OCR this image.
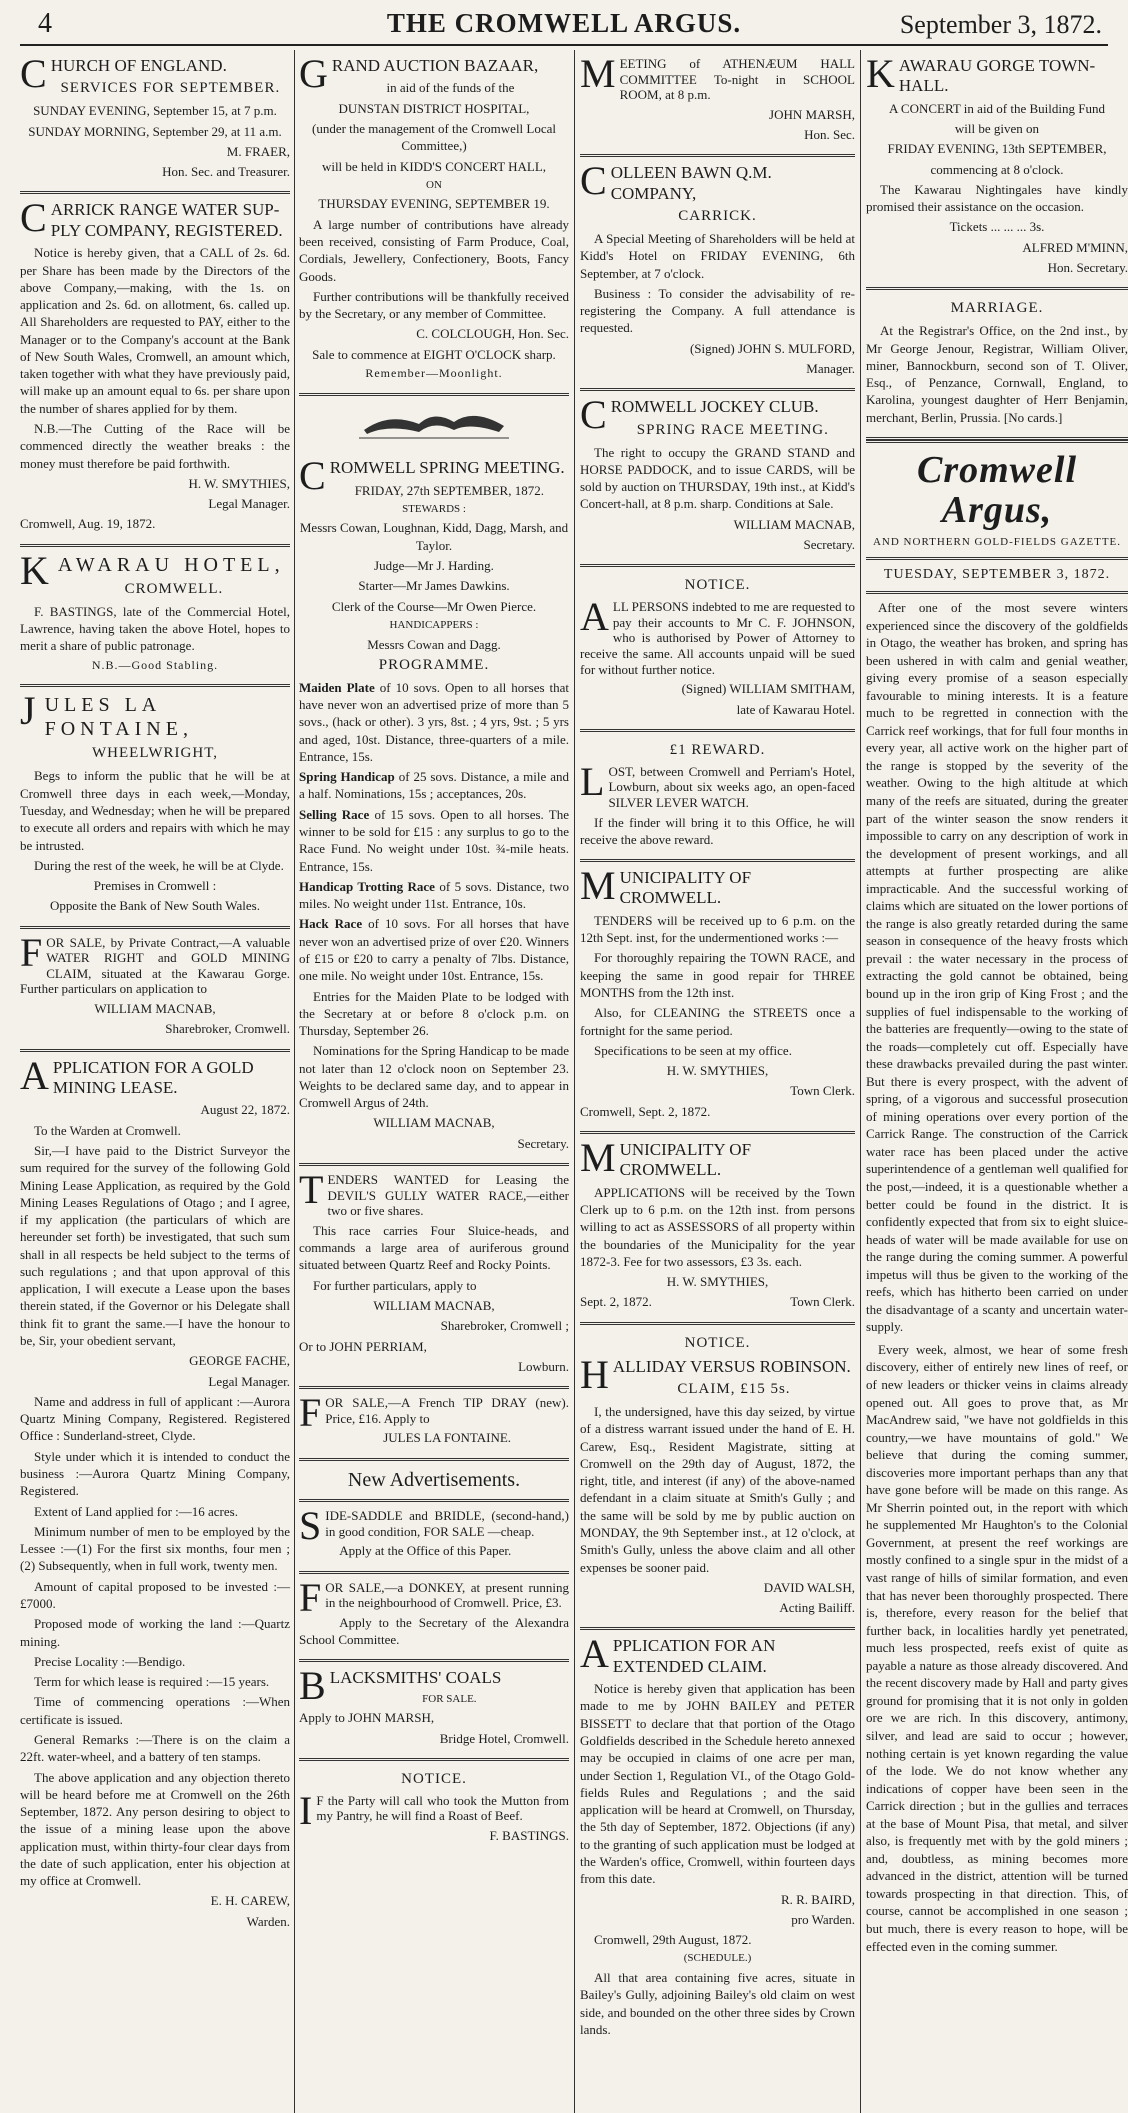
4	THE CROMWELL ARGUS.	September 3, 1872.
CHURCH OF ENGLAND.
SERVICES FOR SEPTEMBER.

SUNDAY EVENING, September 15, at 7 p.m.

SUNDAY MORNING, September 29, at 11 a.m.

M. FRAER,

Hon. Sec. and Treasurer.

CARRICK RANGE WATER SUP- PLY COMPANY, REGISTERED.

Notice is hereby given, that a CALL of 2s. 6d. per Share has been made by the Directors of the above Company,—making, with the 1s. on application and 2s. 6d. on allotment, 6s. called up. All Shareholders are requested to PAY, either to the Manager or to the Company's account at the Bank of New South Wales, Cromwell, an amount which, taken together with what they have previously paid, will make up an amount equal to 6s. per share upon the number of shares applied for by them.

N.B.—The Cutting of the Race will be commenced directly the weather breaks : the money must therefore be paid forthwith.

H. W. SMYTHIES,

Legal Manager.

Cromwell, Aug. 19, 1872.

KAWARAU HOTEL,
CROMWELL.

F. BASTINGS, late of the Commercial Hotel, Lawrence, having taken the above Hotel, hopes to merit a share of public patronage.

N.B.—Good Stabling.

JULES LA FONTAINE,
WHEELWRIGHT,

Begs to inform the public that he will be at Cromwell three days in each week,—Monday, Tuesday, and Wednesday; when he will be prepared to execute all orders and repairs with which he may be intrusted.

During the rest of the week, he will be at Clyde.

Premises in Cromwell :

Opposite the Bank of New South Wales.

FOR SALE, by Private Contract,—A valuable WATER RIGHT and GOLD MINING CLAIM, situated at the Kawarau Gorge. Further particulars on application to

WILLIAM MACNAB,

Sharebroker, Cromwell.

APPLICATION FOR A GOLD MINING LEASE.

August 22, 1872.

To the Warden at Cromwell.

Sir,—I have paid to the District Surveyor the sum required for the survey of the following Gold Mining Lease Application, as required by the Gold Mining Leases Regulations of Otago ; and I agree, if my application (the particulars of which are hereunder set forth) be investigated, that such sum shall in all respects be held subject to the terms of such regulations ; and that upon approval of this application, I will execute a Lease upon the bases therein stated, if the Governor or his Delegate shall think fit to grant the same.—I have the honour to be, Sir, your obedient servant,

GEORGE FACHE,

Legal Manager.

Name and address in full of applicant :—Aurora Quartz Mining Company, Registered. Registered Office : Sunderland-street, Clyde.

Style under which it is intended to conduct the business :—Aurora Quartz Mining Company, Registered.

Extent of Land applied for :—16 acres.

Minimum number of men to be employed by the Lessee :—(1) For the first six months, four men ; (2) Subsequently, when in full work, twenty men.

Amount of capital proposed to be invested :—£7000.

Proposed mode of working the land :—Quartz mining.

Precise Locality :—Bendigo.

Term for which lease is required :—15 years.

Time of commencing operations :—When certificate is issued.

General Remarks :—There is on the claim a 22ft. water-wheel, and a battery of ten stamps.

The above application and any objection thereto will be heard before me at Cromwell on the 26th September, 1872. Any person desiring to object to the issue of a mining lease upon the above application must, within thirty-four clear days from the date of such application, enter his objection at my office at Cromwell.

E. H. CAREW,

Warden.

GRAND AUCTION BAZAAR,

in aid of the funds of the

DUNSTAN DISTRICT HOSPITAL,

(under the management of the Cromwell Local Committee,)

will be held in KIDD'S CONCERT HALL,

ON

THURSDAY EVENING, SEPTEMBER 19.

A large number of contributions have already been received, consisting of Farm Produce, Coal, Cordials, Jewellery, Confectionery, Boots, Fancy Goods.

Further contributions will be thankfully received by the Secretary, or any member of Committee.

C. COLCLOUGH, Hon. Sec.

Sale to commence at EIGHT O'CLOCK sharp.

Remember—Moonlight.

CROMWELL SPRING MEETING.

FRIDAY, 27th SEPTEMBER, 1872.

STEWARDS :

Messrs Cowan, Loughnan, Kidd, Dagg, Marsh, and Taylor.

Judge—Mr J. Harding.

Starter—Mr James Dawkins.

Clerk of the Course—Mr Owen Pierce.

HANDICAPPERS :

Messrs Cowan and Dagg.

PROGRAMME.

Maiden Plate of 10 sovs. Open to all horses that have never won an advertised prize of more than 5 sovs., (hack or other). 3 yrs, 8st. ; 4 yrs, 9st. ; 5 yrs and aged, 10st. Distance, three-quarters of a mile. Entrance, 15s.

Spring Handicap of 25 sovs. Distance, a mile and a half. Nominations, 15s ; acceptances, 20s.

Selling Race of 15 sovs. Open to all horses. The winner to be sold for £15 : any surplus to go to the Race Fund. No weight under 10st. ¾-mile heats. Entrance, 15s.

Handicap Trotting Race of 5 sovs. Distance, two miles. No weight under 11st. Entrance, 10s.

Hack Race of 10 sovs. For all horses that have never won an advertised prize of over £20. Winners of £15 or £20 to carry a penalty of 7lbs. Distance, one mile. No weight under 10st. Entrance, 15s.

Entries for the Maiden Plate to be lodged with the Secretary at or before 8 o'clock p.m. on Thursday, September 26.

Nominations for the Spring Handicap to be made not later than 12 o'clock noon on September 23. Weights to be declared same day, and to appear in Cromwell Argus of 24th.

WILLIAM MACNAB,

Secretary.

TENDERS WANTED for Leasing the DEVIL'S GULLY WATER RACE,—either two or five shares.

This race carries Four Sluice-heads, and commands a large area of auriferous ground situated between Quartz Reef and Rocky Points.

For further particulars, apply to

WILLIAM MACNAB,

Sharebroker, Cromwell ;

Or to JOHN PERRIAM,

Lowburn.

FOR SALE,—A French TIP DRAY (new). Price, £16. Apply to

JULES LA FONTAINE.

New Advertisements.
SIDE-SADDLE and BRIDLE, (second-hand,) in good condition, FOR SALE —cheap.

Apply at the Office of this Paper.

FOR SALE,—a DONKEY, at present running in the neighbourhood of Cromwell. Price, £3.

Apply to the Secretary of the Alexandra School Committee.

BLACKSMITHS' COALS

FOR SALE.

Apply to JOHN MARSH,

Bridge Hotel, Cromwell.

NOTICE.
I F the Party will call who took the Mutton from my Pantry, he will find a Roast of Beef.

F. BASTINGS.

MEETING of ATHENÆUM HALL COMMITTEE To-night in SCHOOL ROOM, at 8 p.m.

JOHN MARSH,

Hon. Sec.

COLLEEN BAWN Q.M. COMPANY,
CARRICK.

A Special Meeting of Shareholders will be held at Kidd's Hotel on FRIDAY EVENING, 6th September, at 7 o'clock.

Business : To consider the advisability of re-registering the Company. A full attendance is requested.

(Signed) JOHN S. MULFORD,

Manager.

CROMWELL JOCKEY CLUB.
SPRING RACE MEETING.

The right to occupy the GRAND STAND and HORSE PADDOCK, and to issue CARDS, will be sold by auction on THURSDAY, 19th inst., at Kidd's Concert-hall, at 8 p.m. sharp. Conditions at Sale.

WILLIAM MACNAB,

Secretary.

NOTICE.
ALL PERSONS indebted to me are requested to pay their accounts to Mr C. F. JOHNSON, who is authorised by Power of Attorney to receive the same. All accounts unpaid will be sued for without further notice.

(Signed) WILLIAM SMITHAM,

late of Kawarau Hotel.

£1 REWARD.
LOST, between Cromwell and Perriam's Hotel, Lowburn, about six weeks ago, an open-faced SILVER LEVER WATCH.

If the finder will bring it to this Office, he will receive the above reward.

MUNICIPALITY OF CROMWELL.

TENDERS will be received up to 6 p.m. on the 12th Sept. inst, for the undermentioned works :—

For thoroughly repairing the TOWN RACE, and keeping the same in good repair for THREE MONTHS from the 12th inst.

Also, for CLEANING the STREETS once a fortnight for the same period.

Specifications to be seen at my office.

H. W. SMYTHIES,

Town Clerk.

Cromwell, Sept. 2, 1872.

MUNICIPALITY OF CROMWELL.

APPLICATIONS will be received by the Town Clerk up to 6 p.m. on the 12th inst. from persons willing to act as ASSESSORS of all property within the boundaries of the Municipality for the year 1872-3. Fee for two assessors, £3 3s. each.

H. W. SMYTHIES,

Sept. 2, 1872.	Town Clerk.

NOTICE.
HALLIDAY VERSUS ROBINSON.
CLAIM, £15 5s.

I, the undersigned, have this day seized, by virtue of a distress warrant issued under the hand of E. H. Carew, Esq., Resident Magistrate, sitting at Cromwell on the 29th day of August, 1872, the right, title, and interest (if any) of the above-named defendant in a claim situate at Smith's Gully ; and the same will be sold by me by public auction on MONDAY, the 9th September inst., at 12 o'clock, at Smith's Gully, unless the above claim and all other expenses be sooner paid.

DAVID WALSH,

Acting Bailiff.

APPLICATION FOR AN EXTENDED CLAIM.

Notice is hereby given that application has been made to me by JOHN BAILEY and PETER BISSETT to declare that that portion of the Otago Goldfields described in the Schedule hereto annexed may be occupied in claims of one acre per man, under Section 1, Regulation VI., of the Otago Gold-fields Rules and Regulations ; and the said application will be heard at Cromwell, on Thursday, the 5th day of September, 1872. Objections (if any) to the granting of such application must be lodged at the Warden's office, Cromwell, within fourteen days from this date.

R. R. BAIRD,

pro Warden.

Cromwell, 29th August, 1872.

(SCHEDULE.)

All that area containing five acres, situate in Bailey's Gully, adjoining Bailey's old claim on west side, and bounded on the other three sides by Crown lands.

KAWARAU GORGE TOWN-HALL.

A CONCERT in aid of the Building Fund

will be given on

FRIDAY EVENING, 13th SEPTEMBER,

commencing at 8 o'clock.

The Kawarau Nightingales have kindly promised their assistance on the occasion.

Tickets ... ... ... 3s.

ALFRED M'MINN,

Hon. Secretary.

MARRIAGE.

At the Registrar's Office, on the 2nd inst., by Mr George Jenour, Registrar, William Oliver, miner, Bannockburn, second son of T. Oliver, Esq., of Penzance, Cornwall, England, to Karolina, youngest daughter of Herr Benjamin, merchant, Berlin, Prussia. [No cards.]

Cromwell Argus,
AND NORTHERN GOLD-FIELDS GAZETTE.
TUESDAY, SEPTEMBER 3, 1872.

After one of the most severe winters experienced since the discovery of the goldfields in Otago, the weather has broken, and spring has been ushered in with calm and genial weather, giving every promise of a season especially favourable to mining interests. It is a feature much to be regretted in connection with the Carrick reef workings, that for full four months in every year, all active work on the higher part of the range is stopped by the severity of the weather. Owing to the high altitude at which many of the reefs are situated, during the greater part of the winter season the snow renders it impossible to carry on any description of work in the development of present workings, and all attempts at further prospecting are alike impracticable. And the successful working of claims which are situated on the lower portions of the range is also greatly retarded during the same season in consequence of the heavy frosts which prevail : the water necessary in the process of extracting the gold cannot be obtained, being bound up in the iron grip of King Frost ; and the supplies of fuel indispensable to the working of the batteries are frequently—owing to the state of the roads—completely cut off. Especially have these drawbacks prevailed during the past winter. But there is every prospect, with the advent of spring, of a vigorous and successful prosecution of mining operations over every portion of the Carrick Range. The construction of the Carrick water race has been placed under the active superintendence of a gentleman well qualified for the post,—indeed, it is a questionable whether a better could be found in the district. It is confidently expected that from six to eight sluice-heads of water will be made available for use on the range during the coming summer. A powerful impetus will thus be given to the working of the reefs, which has hitherto been carried on under the disadvantage of a scanty and uncertain water-supply.

Every week, almost, we hear of some fresh discovery, either of entirely new lines of reef, or of new leaders or thicker veins in claims already opened out. All goes to prove that, as Mr MacAndrew said, "we have not goldfields in this country,—we have mountains of gold." We believe that during the coming summer, discoveries more important perhaps than any that have gone before will be made on this range. As Mr Sherrin pointed out, in the report with which he supplemented Mr Haughton's to the Colonial Government, at present the reef workings are mostly confined to a single spur in the midst of a vast range of hills of similar formation, and even that has never been thoroughly prospected. There is, therefore, every reason for the belief that further back, in localities hardly yet penetrated, much less prospected, reefs exist of quite as payable a nature as those already discovered. And the recent discovery made by Hall and party gives ground for promising that it is not only in golden ore we are rich. In this discovery, antimony, silver, and lead are said to occur ; however, nothing certain is yet known regarding the value of the lode. We do not know whether any indications of copper have been seen in the Carrick direction ; but in the gullies and terraces at the base of Mount Pisa, that metal, and silver also, is frequently met with by the gold miners ; and, doubtless, as mining becomes more advanced in the district, attention will be turned towards prospecting in that direction. This, of course, cannot be accomplished in one season ; but much, there is every reason to hope, will be effected even in the coming summer.
